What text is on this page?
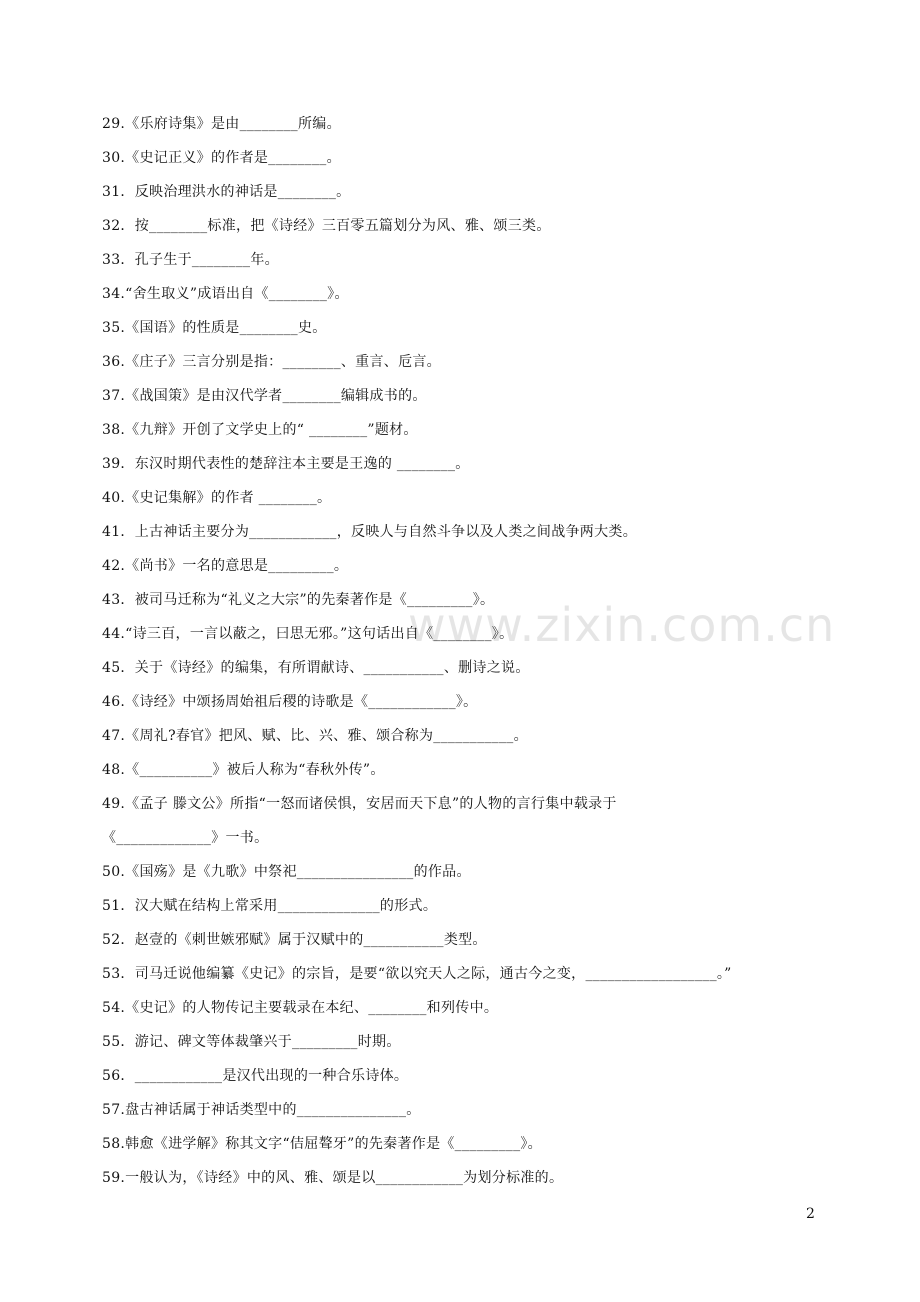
29.《乐府诗集》是由________所编。
30.《史记正义》的作者是________。
31．反映治理洪水的神话是________。
32．按________标准，把《诗经》三百零五篇划分为风、雅、颂三类。
33．孔子生于________年。
34.“舍生取义”成语出自《________》。
35.《国语》的性质是________史。
36.《庄子》三言分别是指：________、重言、卮言。
37.《战国策》是由汉代学者________编辑成书的。
38.《九辩》开创了文学史上的“ ________”题材。
39．东汉时期代表性的楚辞注本主要是王逸的 ________。
40.《史记集解》的作者 ________。
41．上古神话主要分为____________，反映人与自然斗争以及人类之间战争两大类。
42.《尚书》一名的意思是_________。
43．被司马迁称为“礼义之大宗”的先秦著作是《_________》。
44.“诗三百，一言以蔽之，曰思无邪。”这句话出自《________》。
45．关于《诗经》的编集，有所谓献诗、___________、删诗之说。
46.《诗经》中颂扬周始祖后稷的诗歌是《____________》。
47.《周礼?春官》把风、赋、比、兴、雅、颂合称为___________。
48.《__________》被后人称为“春秋外传”。
49.《孟子 滕文公》所指“一怒而诸侯惧，安居而天下息”的人物的言行集中载录于
《_____________》一书。
50.《国殇》是《九歌》中祭祀________________的作品。
51．汉大赋在结构上常采用______________的形式。
52．赵壹的《刺世嫉邪赋》属于汉赋中的___________类型。
53．司马迁说他编纂《史记》的宗旨，是要“欲以究天人之际，通古今之变，__________________。”
54.《史记》的人物传记主要载录在本纪、________和列传中。
55．游记、碑文等体裁肇兴于_________时期。
56．____________是汉代出现的一种合乐诗体。
57.盘古神话属于神话类型中的_______________。
58.韩愈《进学解》称其文字“佶屈聱牙”的先秦著作是《_________》。
59.一般认为，《诗经》中的风、雅、颂是以____________为划分标准的。
www.zixin.com.cn
2
